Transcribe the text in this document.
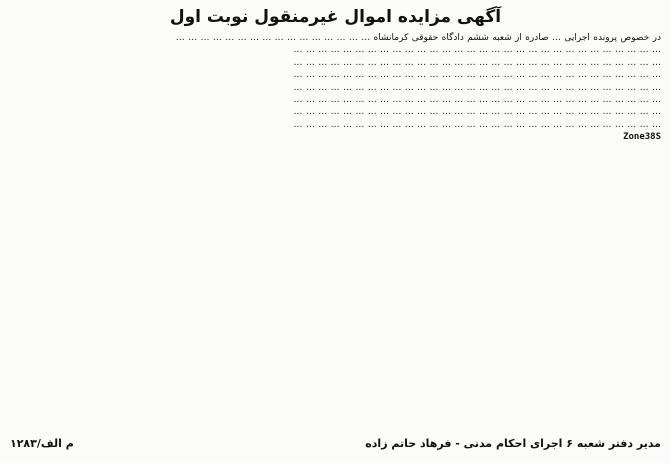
آگهی مزایده اموال غیرمنقول نوبت اول

در خصوص پرونده اجرایی … صادره از شعبه ششم دادگاه حقوقی کرمانشاه … … … … … … … … … … … … … … … …

… … … … … … … … … … … … … … … … … … … … … … … … … … … … … …

… … … … … … … … … … … … … … … … … … … … … … … … … … … … … …

… … … … … … … … … … … … … … … … … … … … … … … … … … … … … …

… … … … … … … … … … … … … … … … … … … … … … … … … … … … … …

… … … … … … … … … … … … … … … … … … … … … … … … … … … … … …

… … … … … … … … … … … … … … … … … … … … … … … … … … … … … …

… … … … … … … … … … … … … … … … … … … … … … … … … … … … … …

Zone38S

مدیر دفتر شعبه ۶ اجرای احکام مدنی - فرهاد حاتم زاده
م الف/۱۲۸۳
